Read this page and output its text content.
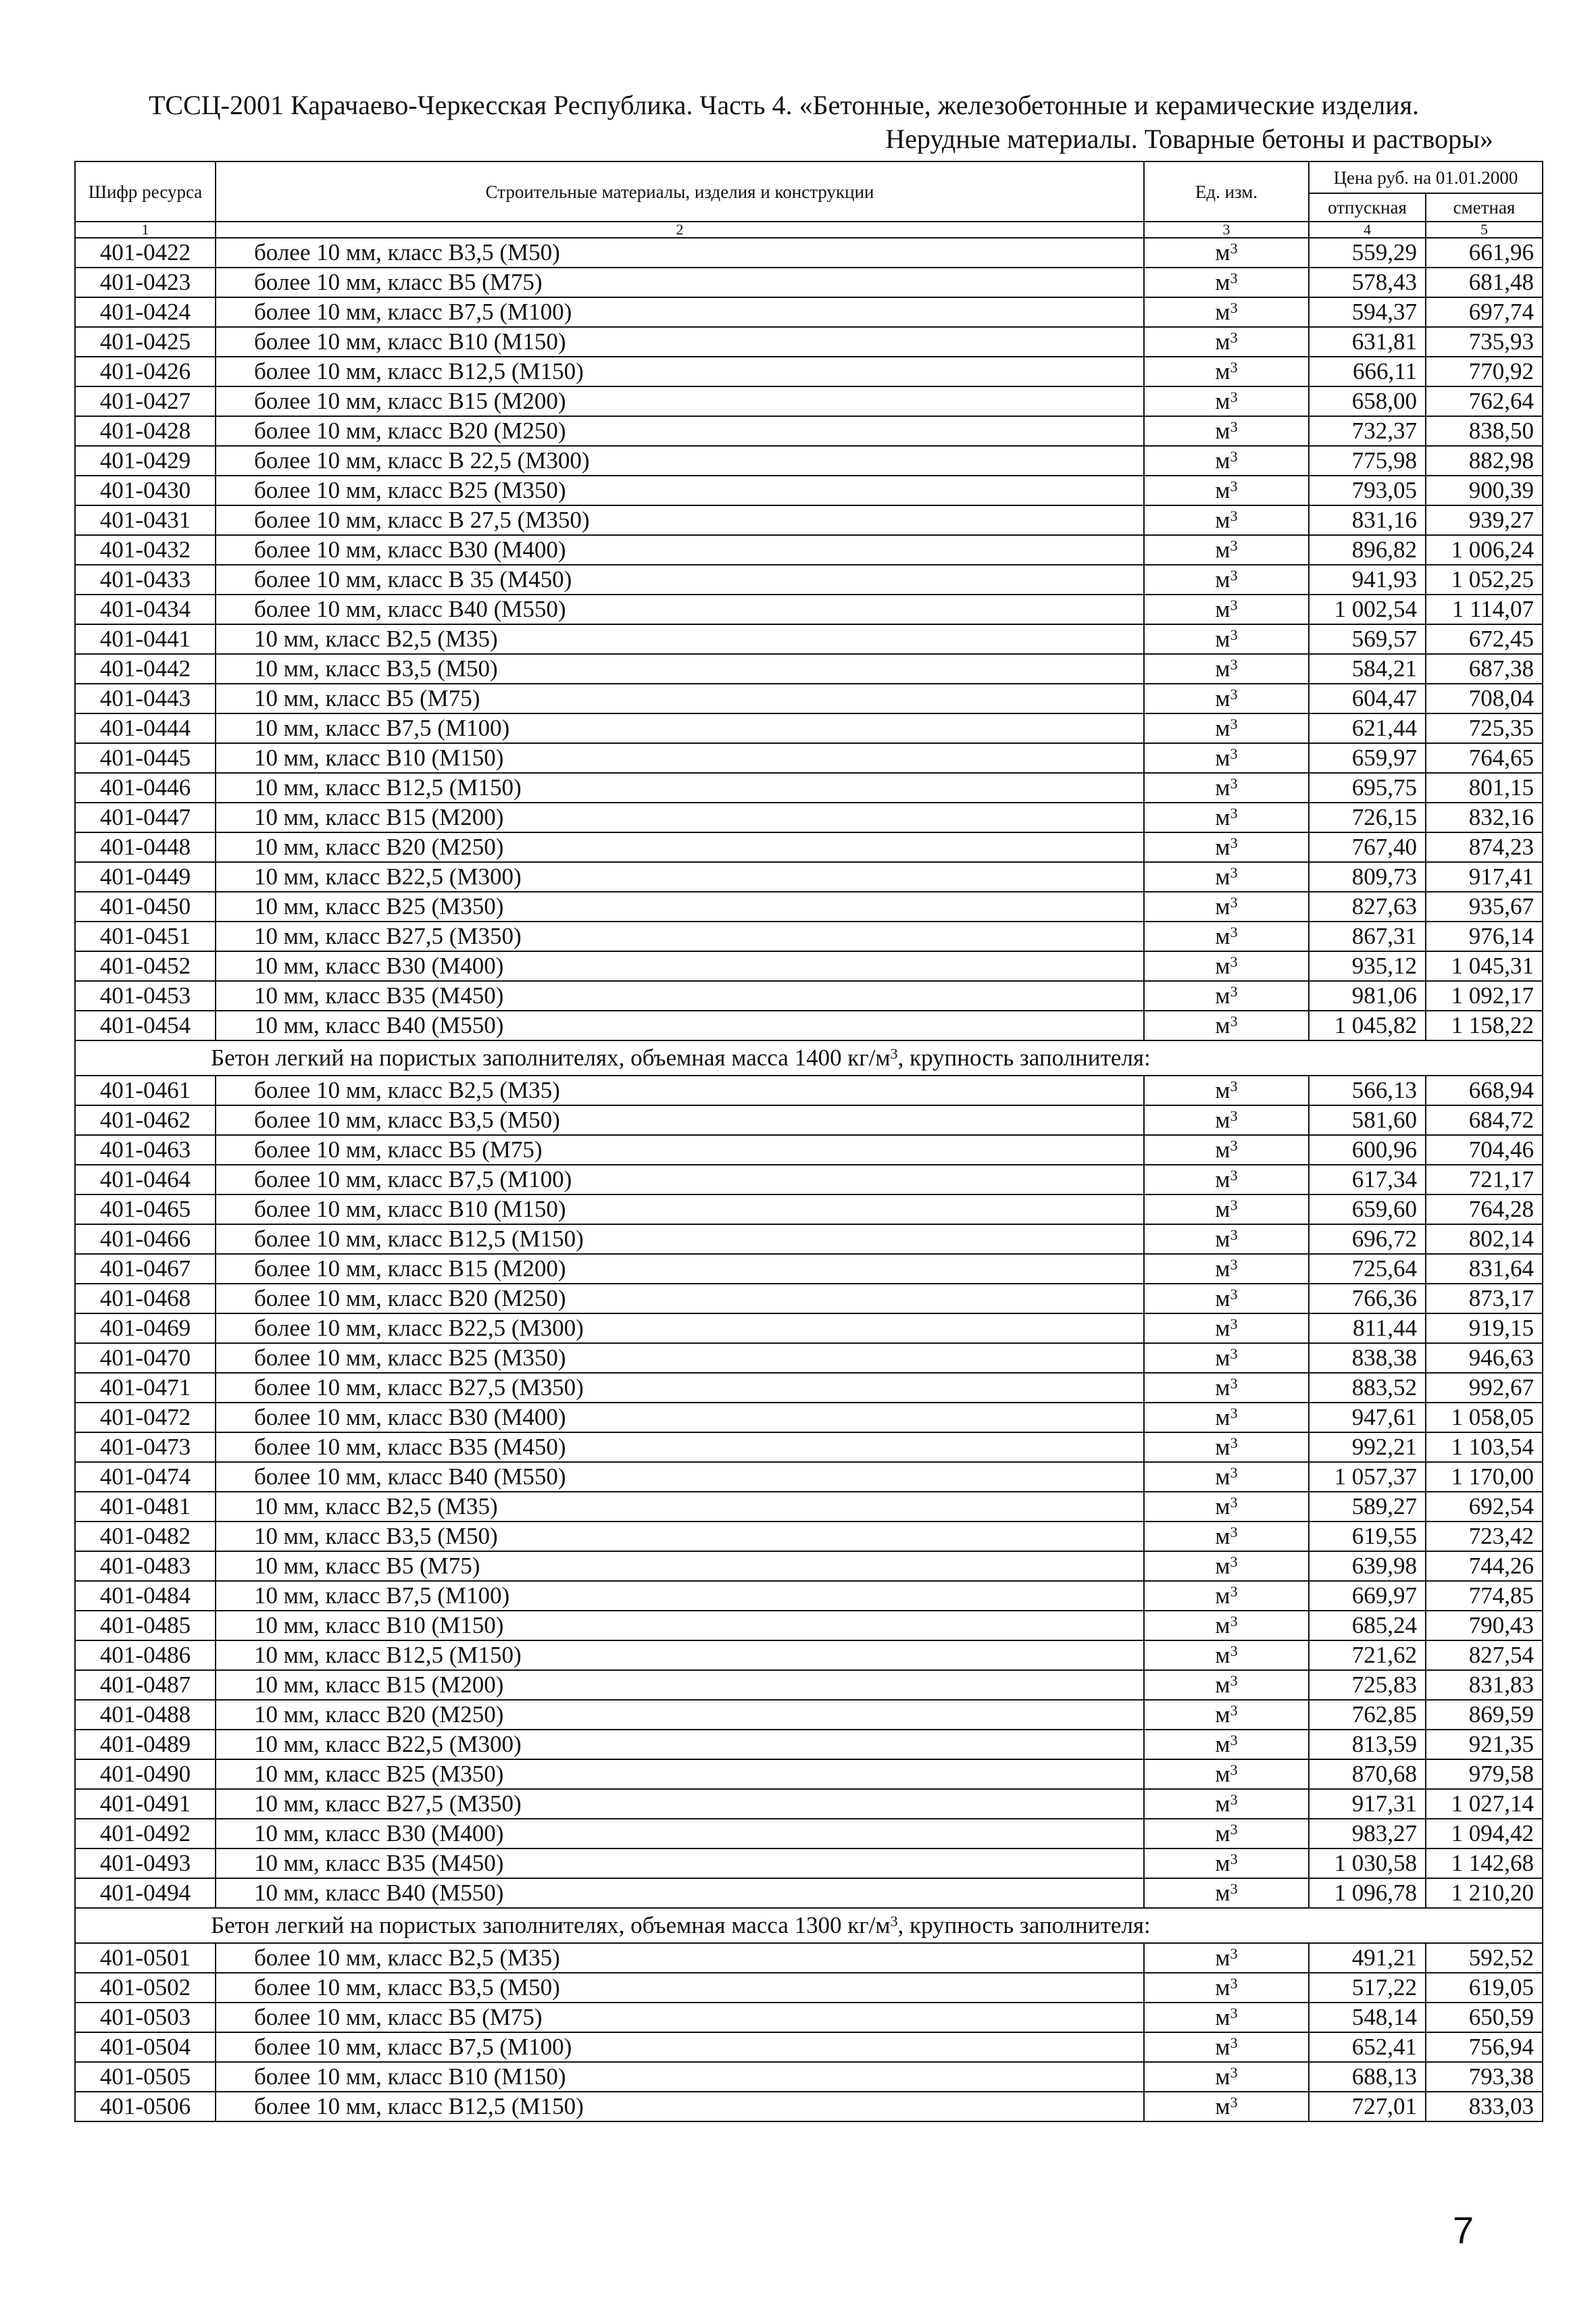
ТССЦ-2001 Карачаево-Черкесская Республика. Часть 4. «Бетонные, железобетонные и керамические изделия.
Нерудные материалы. Товарные бетоны и растворы»
Шифр ресурса	Строительные материалы, изделия и конструкции	Ед. изм.	Цена руб. на 01.01.2000	
			отпускная	сметная
1	2	3	4	5
401-0422	более 10 мм, класс В3,5 (М50)	$м^3$	559,29	661,96
401-0423	более 10 мм, класс В5 (М75)	$м^3$	578,43	681,48
401-0424	более 10 мм, класс В7,5 (М100)	$м^3$	594,37	697,74
401-0425	более 10 мм, класс В10 (М150)	$м^3$	631,81	735,93
401-0426	более 10 мм, класс В12,5 (М150)	$м^3$	666,11	770,92
401-0427	более 10 мм, класс В15 (М200)	$м^3$	658,00	762,64
401-0428	более 10 мм, класс В20 (М250)	$м^3$	732,37	838,50
401-0429	более 10 мм, класс В 22,5 (М300)	$м^3$	775,98	882,98
401-0430	более 10 мм, класс В25 (М350)	$м^3$	793,05	900,39
401-0431	более 10 мм, класс В 27,5 (М350)	$м^3$	831,16	939,27
401-0432	более 10 мм, класс В30 (М400)	$м^3$	896,82	1 006,24
401-0433	более 10 мм, класс В 35 (М450)	$м^3$	941,93	1 052,25
401-0434	более 10 мм, класс В40 (М550)	$м^3$	1 002,54	1 114,07
401-0441	10 мм, класс В2,5 (М35)	$м^3$	569,57	672,45
401-0442	10 мм, класс В3,5 (М50)	$м^3$	584,21	687,38
401-0443	10 мм, класс В5 (М75)	$м^3$	604,47	708,04
401-0444	10 мм, класс В7,5 (М100)	$м^3$	621,44	725,35
401-0445	10 мм, класс В10 (М150)	$м^3$	659,97	764,65
401-0446	10 мм, класс В12,5 (М150)	$м^3$	695,75	801,15
401-0447	10 мм, класс В15 (М200)	$м^3$	726,15	832,16
401-0448	10 мм, класс В20 (М250)	$м^3$	767,40	874,23
401-0449	10 мм, класс В22,5 (М300)	$м^3$	809,73	917,41
401-0450	10 мм, класс В25 (М350)	$м^3$	827,63	935,67
401-0451	10 мм, класс В27,5 (М350)	$м^3$	867,31	976,14
401-0452	10 мм, класс В30 (М400)	$м^3$	935,12	1 045,31
401-0453	10 мм, класс В35 (М450)	$м^3$	981,06	1 092,17
401-0454	10 мм, класс В40 (М550)	$м^3$	1 045,82	1 158,22
Бетон легкий на пористых заполнителях, объемная масса 1400 $кг/м^3$, крупность заполнителя:				
401-0461	более 10 мм, класс В2,5 (М35)	$м^3$	566,13	668,94
401-0462	более 10 мм, класс В3,5 (М50)	$м^3$	581,60	684,72
401-0463	более 10 мм, класс В5 (М75)	$м^3$	600,96	704,46
401-0464	более 10 мм, класс В7,5 (М100)	$м^3$	617,34	721,17
401-0465	более 10 мм, класс В10 (М150)	$м^3$	659,60	764,28
401-0466	более 10 мм, класс В12,5 (М150)	$м^3$	696,72	802,14
401-0467	более 10 мм, класс В15 (М200)	$м^3$	725,64	831,64
401-0468	более 10 мм, класс В20 (М250)	$м^3$	766,36	873,17
401-0469	более 10 мм, класс В22,5 (М300)	$м^3$	811,44	919,15
401-0470	более 10 мм, класс В25 (М350)	$м^3$	838,38	946,63
401-0471	более 10 мм, класс В27,5 (М350)	$м^3$	883,52	992,67
401-0472	более 10 мм, класс В30 (М400)	$м^3$	947,61	1 058,05
401-0473	более 10 мм, класс В35 (М450)	$м^3$	992,21	1 103,54
401-0474	более 10 мм, класс В40 (М550)	$м^3$	1 057,37	1 170,00
401-0481	10 мм, класс В2,5 (М35)	$м^3$	589,27	692,54
401-0482	10 мм, класс В3,5 (М50)	$м^3$	619,55	723,42
401-0483	10 мм, класс В5 (М75)	$м^3$	639,98	744,26
401-0484	10 мм, класс В7,5 (М100)	$м^3$	669,97	774,85
401-0485	10 мм, класс В10 (М150)	$м^3$	685,24	790,43
401-0486	10 мм, класс В12,5 (М150)	$м^3$	721,62	827,54
401-0487	10 мм, класс В15 (М200)	$м^3$	725,83	831,83
401-0488	10 мм, класс В20 (М250)	$м^3$	762,85	869,59
401-0489	10 мм, класс В22,5 (М300)	$м^3$	813,59	921,35
401-0490	10 мм, класс В25 (М350)	$м^3$	870,68	979,58
401-0491	10 мм, класс В27,5 (М350)	$м^3$	917,31	1 027,14
401-0492	10 мм, класс В30 (М400)	$м^3$	983,27	1 094,42
401-0493	10 мм, класс В35 (М450)	$м^3$	1 030,58	1 142,68
401-0494	10 мм, класс В40 (М550)	$м^3$	1 096,78	1 210,20
Бетон легкий на пористых заполнителях, объемная масса 1300 $кг/м^3$, крупность заполнителя:				
401-0501	более 10 мм, класс В2,5 (М35)	$м^3$	491,21	592,52
401-0502	более 10 мм, класс В3,5 (М50)	$м^3$	517,22	619,05
401-0503	более 10 мм, класс В5 (М75)	$м^3$	548,14	650,59
401-0504	более 10 мм, класс В7,5 (М100)	$м^3$	652,41	756,94
401-0505	более 10 мм, класс В10 (М150)	$м^3$	688,13	793,38
401-0506	более 10 мм, класс В12,5 (М150)	$м^3$	727,01	833,03
7
